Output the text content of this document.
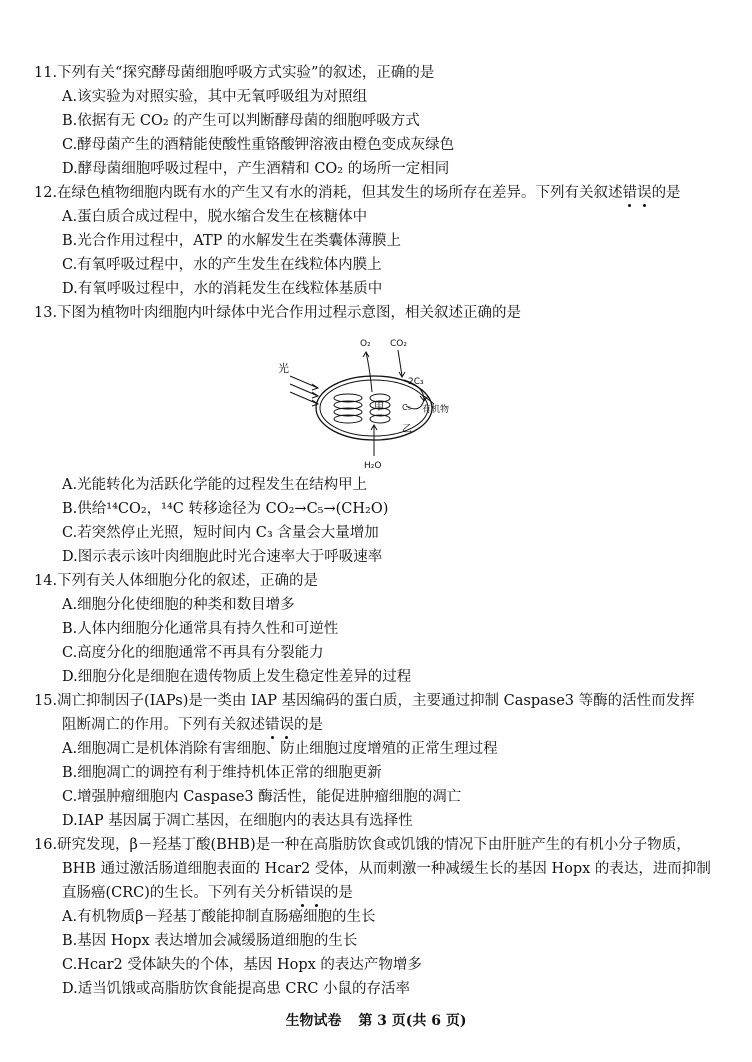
11.下列有关“探究酵母菌细胞呼吸方式实验”的叙述，正确的是
A.该实验为对照实验，其中无氧呼吸组为对照组
B.依据有无 CO₂ 的产生可以判断酵母菌的细胞呼吸方式
C.酵母菌产生的酒精能使酸性重铬酸钾溶液由橙色变成灰绿色
D.酵母菌细胞呼吸过程中，产生酒精和 CO₂ 的场所一定相同
12.在绿色植物细胞内既有水的产生又有水的消耗，但其发生的场所存在差异。下列有关叙述错误的是
A.蛋白质合成过程中，脱水缩合发生在核糖体中
B.光合作用过程中，ATP 的水解发生在类囊体薄膜上
C.有氧呼吸过程中，水的产生发生在线粒体内膜上
D.有氧呼吸过程中，水的消耗发生在线粒体基质中
13.下图为植物叶肉细胞内叶绿体中光合作用过程示意图，相关叙述正确的是
光
甲
O₂ CO₂
2C₃
C₅ 有机物
乙
H₂O
A.光能转化为活跃化学能的过程发生在结构甲上
B.供给¹⁴CO₂，¹⁴C 转移途径为 CO₂→C₅→(CH₂O)
C.若突然停止光照，短时间内 C₃ 含量会大量增加
D.图示表示该叶肉细胞此时光合速率大于呼吸速率
14.下列有关人体细胞分化的叙述，正确的是
A.细胞分化使细胞的种类和数目增多
B.人体内细胞分化通常具有持久性和可逆性
C.高度分化的细胞通常不再具有分裂能力
D.细胞分化是细胞在遗传物质上发生稳定性差异的过程
15.凋亡抑制因子(IAPs)是一类由 IAP 基因编码的蛋白质，主要通过抑制 Caspase3 等酶的活性而发挥
阻断凋亡的作用。下列有关叙述错误的是
A.细胞凋亡是机体消除有害细胞、防止细胞过度增殖的正常生理过程
B.细胞凋亡的调控有利于维持机体正常的细胞更新
C.增强肿瘤细胞内 Caspase3 酶活性，能促进肿瘤细胞的凋亡
D.IAP 基因属于凋亡基因，在细胞内的表达具有选择性
16.研究发现，β－羟基丁酸(BHB)是一种在高脂肪饮食或饥饿的情况下由肝脏产生的有机小分子物质，
BHB 通过激活肠道细胞表面的 Hcar2 受体，从而刺激一种减缓生长的基因 Hopx 的表达，进而抑制
直肠癌(CRC)的生长。下列有关分析错误的是
A.有机物质β－羟基丁酸能抑制直肠癌细胞的生长
B.基因 Hopx 表达增加会减缓肠道细胞的生长
C.Hcar2 受体缺失的个体，基因 Hopx 的表达产物增多
D.适当饥饿或高脂肪饮食能提高患 CRC 小鼠的存活率
生物试卷 第 3 页(共 6 页)
